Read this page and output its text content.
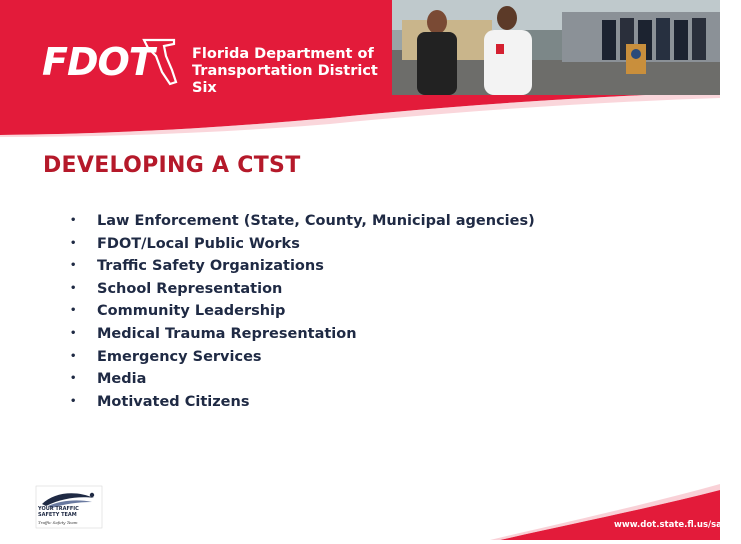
FDOT	Florida Department of
Transportation District Six
DEVELOPING A CTST
• Law Enforcement (State, County, Municipal agencies)
• FDOT/Local Public Works
• Traffic Safety Organizations
• School Representation
• Community Leadership
• Medical Trauma Representation
• Emergency Services
• Media
• Motivated Citizens
YOUR TRAFFIC
SAFETY TEAM
Traffic Safety Team	www.dot.state.fl.us/safety
